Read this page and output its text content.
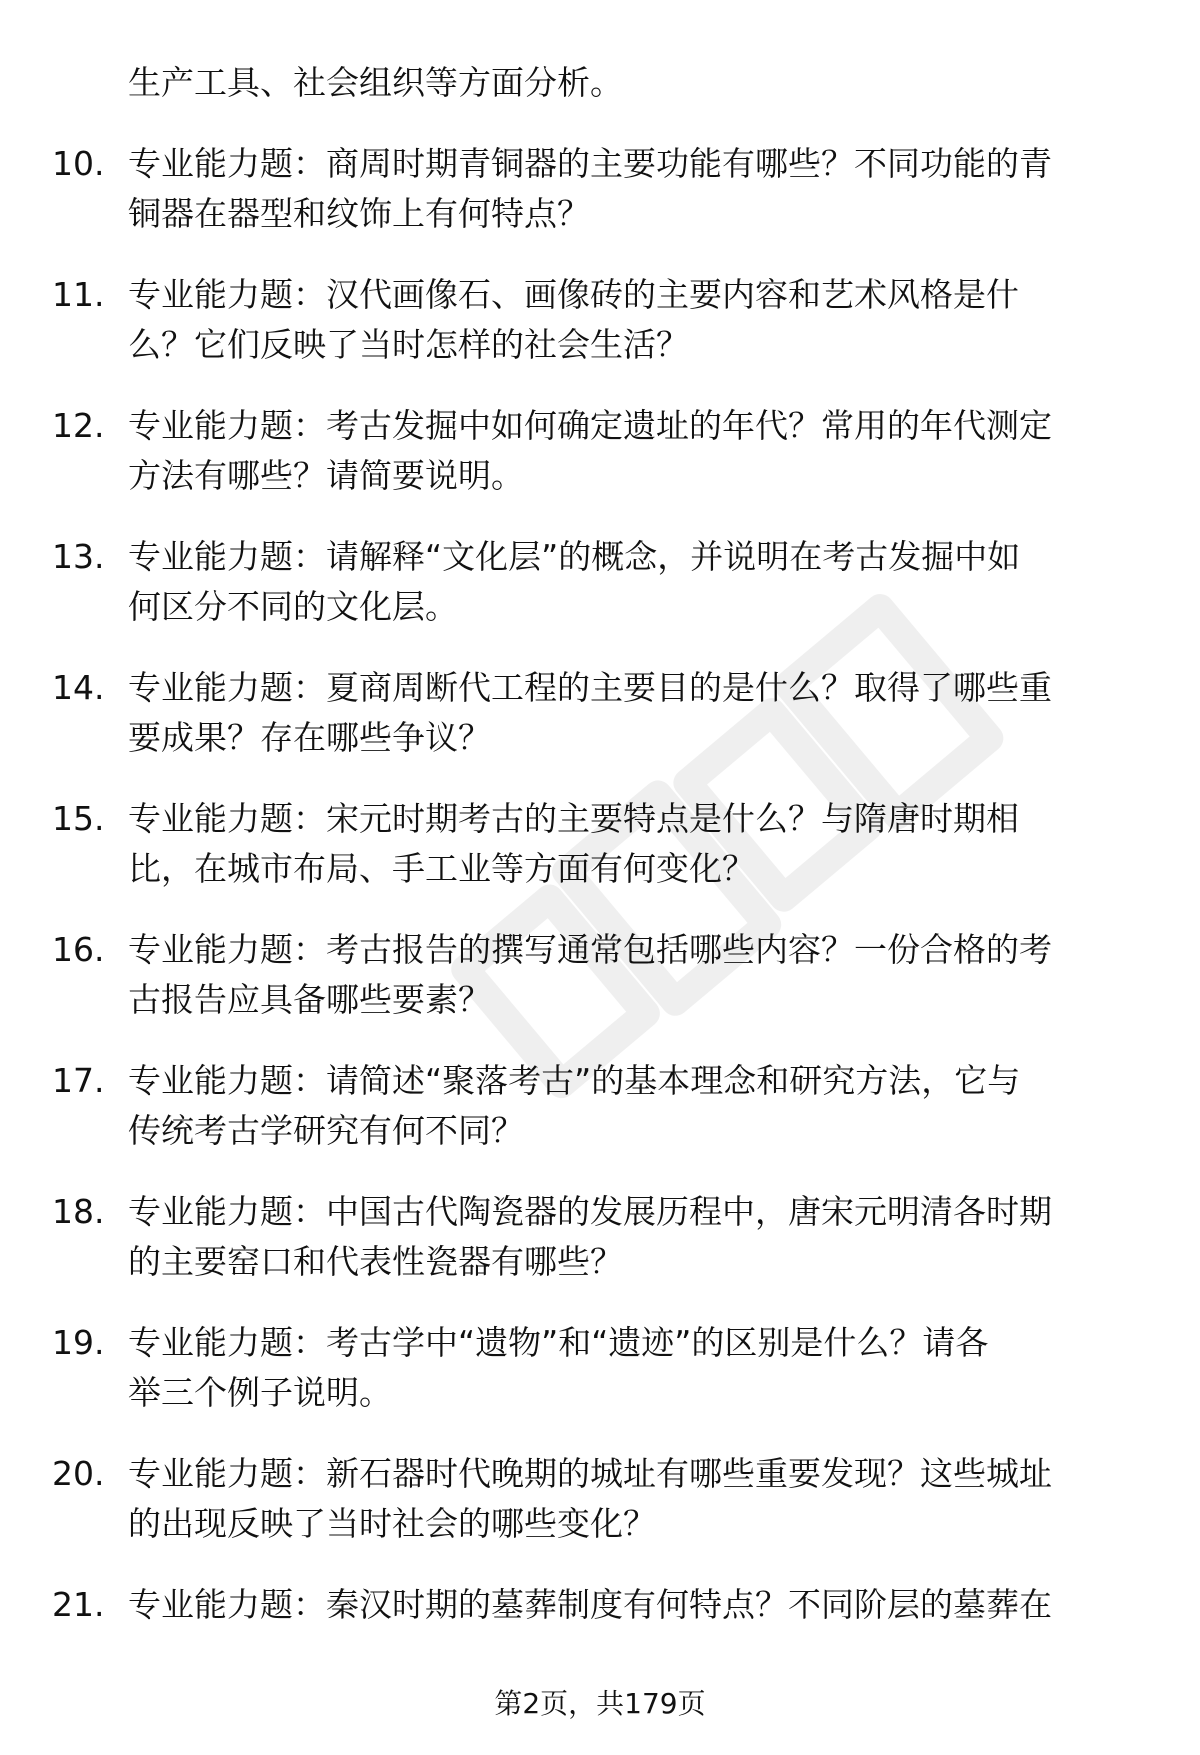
生产工具、社会组织等方面分析。
10. 专业能力题：商周时期青铜器的主要功能有哪些？不同功能的青
铜器在器型和纹饰上有何特点？
11. 专业能力题：汉代画像石、画像砖的主要内容和艺术风格是什
么？它们反映了当时怎样的社会生活？
12. 专业能力题：考古发掘中如何确定遗址的年代？常用的年代测定
方法有哪些？请简要说明。
13. 专业能力题：请解释“文化层”的概念，并说明在考古发掘中如
何区分不同的文化层。
14. 专业能力题：夏商周断代工程的主要目的是什么？取得了哪些重
要成果？存在哪些争议？
15. 专业能力题：宋元时期考古的主要特点是什么？与隋唐时期相
比，在城市布局、手工业等方面有何变化？
16. 专业能力题：考古报告的撰写通常包括哪些内容？一份合格的考
古报告应具备哪些要素？
17. 专业能力题：请简述“聚落考古”的基本理念和研究方法，它与
传统考古学研究有何不同？
18. 专业能力题：中国古代陶瓷器的发展历程中，唐宋元明清各时期
的主要窑口和代表性瓷器有哪些？
19. 专业能力题：考古学中“遗物”和“遗迹”的区别是什么？请各
举三个例子说明。
20. 专业能力题：新石器时代晚期的城址有哪些重要发现？这些城址
的出现反映了当时社会的哪些变化？
21. 专业能力题：秦汉时期的墓葬制度有何特点？不同阶层的墓葬在
第2页，共179页
